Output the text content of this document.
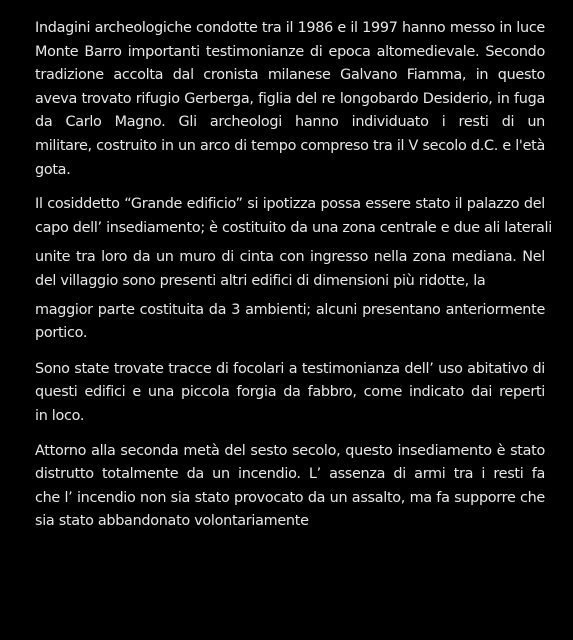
Indagini archeologiche condotte tra il 1986 e il 1997 hanno messo in luce
Monte Barro importanti testimonianze di epoca altomedievale. Secondo
tradizione accolta dal cronista milanese Galvano Fiamma, in questo
aveva trovato rifugio Gerberga, figlia del re longobardo Desiderio, in fuga
da Carlo Magno. Gli archeologi hanno individuato i resti di un
militare, costruito in un arco di tempo compreso tra il V secolo d.C. e l'età
gota.
Il cosiddetto “Grande edificio” si ipotizza possa essere stato il palazzo del
capo dell’ insediamento; è costituito da una zona centrale e due ali laterali
unite tra loro da un muro di cinta con ingresso nella zona mediana. Nel
del villaggio sono presenti altri edifici di dimensioni più ridotte, la
maggior parte costituita da 3 ambienti; alcuni presentano anteriormente
portico.
Sono state trovate tracce di focolari a testimonianza dell’ uso abitativo di
questi edifici e una piccola forgia da fabbro, come indicato dai reperti
in loco.
Attorno alla seconda metà del sesto secolo, questo insediamento è stato
distrutto totalmente da un incendio. L’ assenza di armi tra i resti fa
che l’ incendio non sia stato provocato da un assalto, ma fa supporre che
sia stato abbandonato volontariamente
